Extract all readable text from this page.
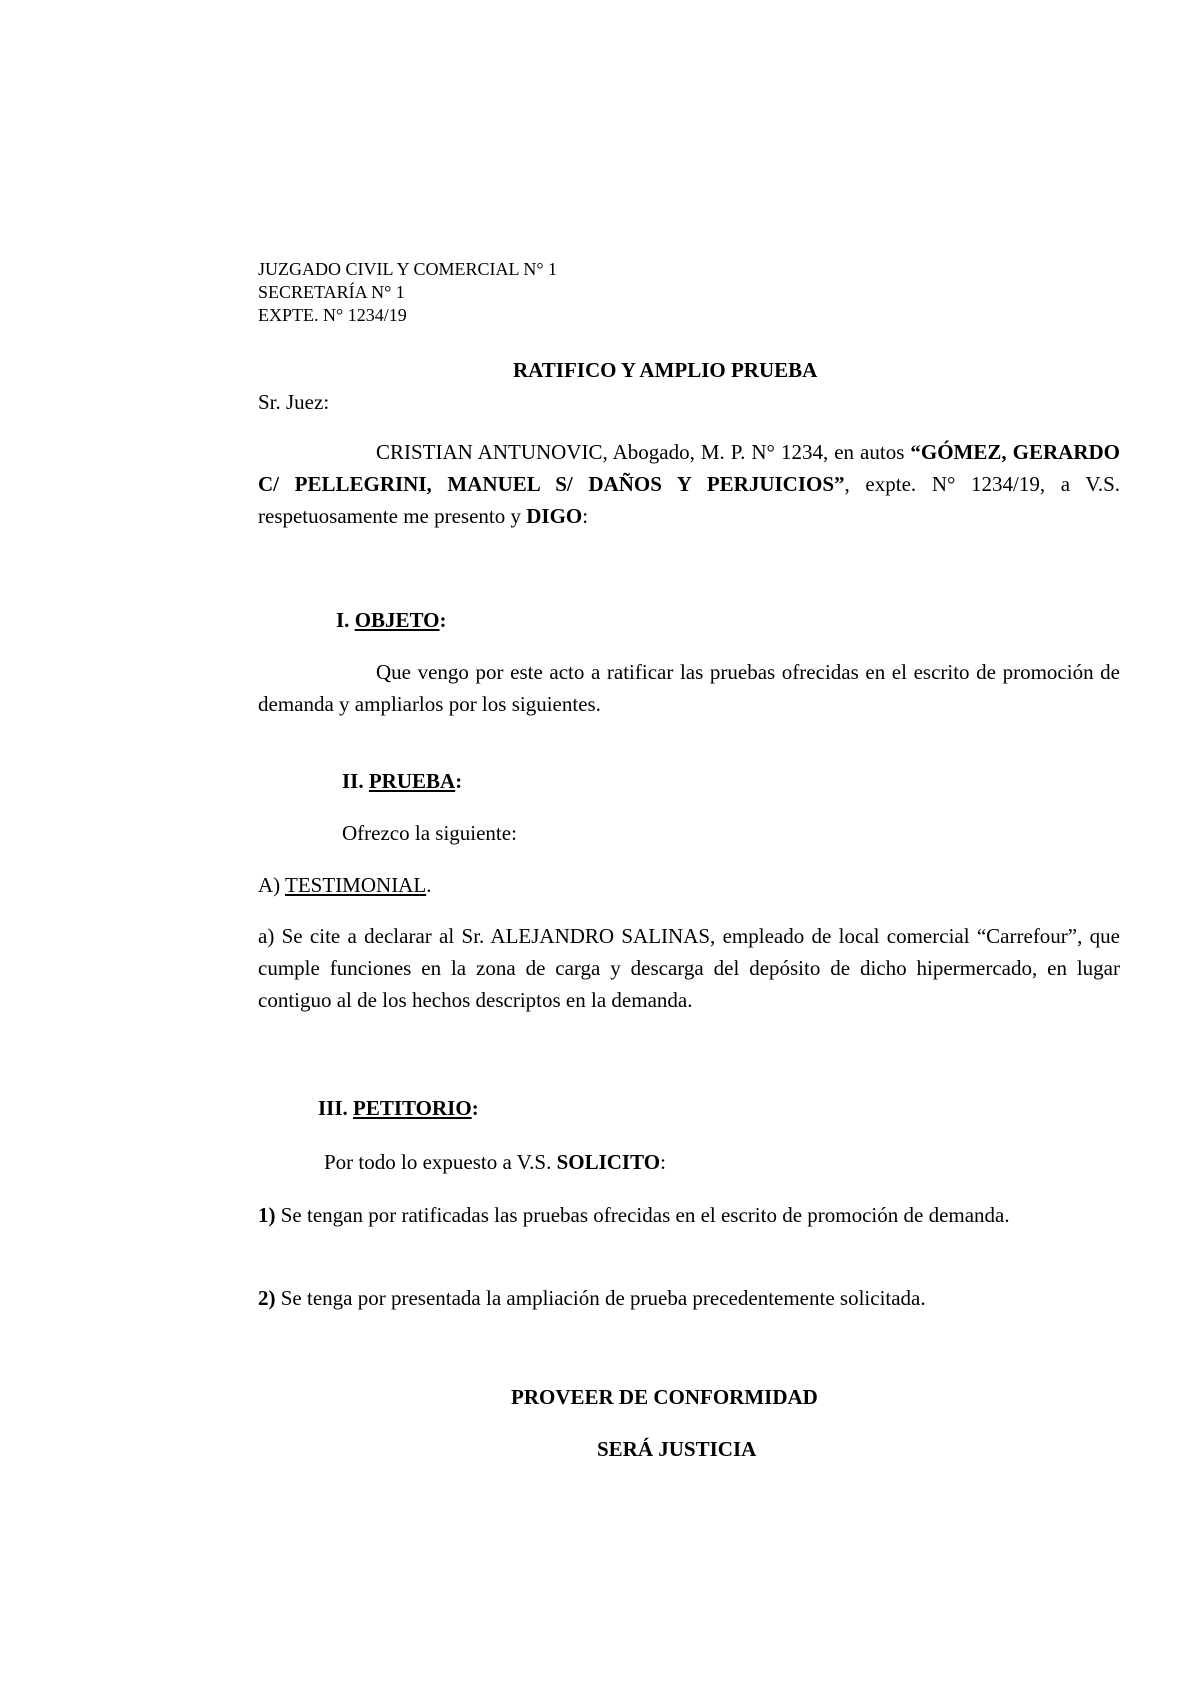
JUZGADO CIVIL Y COMERCIAL N° 1
SECRETARÍA N° 1
EXPTE. N° 1234/19
RATIFICO Y AMPLIO PRUEBA
Sr. Juez:
CRISTIAN ANTUNOVIC, Abogado, M. P. N° 1234, en autos “GÓMEZ, GERARDO C/ PELLEGRINI, MANUEL S/ DAÑOS Y PERJUICIOS”, expte. N° 1234/19, a V.S. respetuosamente me presento y DIGO:
I. OBJETO:
Que vengo por este acto a ratificar las pruebas ofrecidas en el escrito de promoción de demanda y ampliarlos por los siguientes.
II. PRUEBA:
Ofrezco la siguiente:
A) TESTIMONIAL.
a) Se cite a declarar al Sr. ALEJANDRO SALINAS, empleado de local comercial “Carrefour”, que cumple funciones en la zona de carga y descarga del depósito de dicho hipermercado, en lugar contiguo al de los hechos descriptos en la demanda.
III. PETITORIO:
Por todo lo expuesto a V.S. SOLICITO:
1) Se tengan por ratificadas las pruebas ofrecidas en el escrito de promoción de demanda.
2) Se tenga por presentada la ampliación de prueba precedentemente solicitada.
PROVEER DE CONFORMIDAD
SERÁ JUSTICIA
